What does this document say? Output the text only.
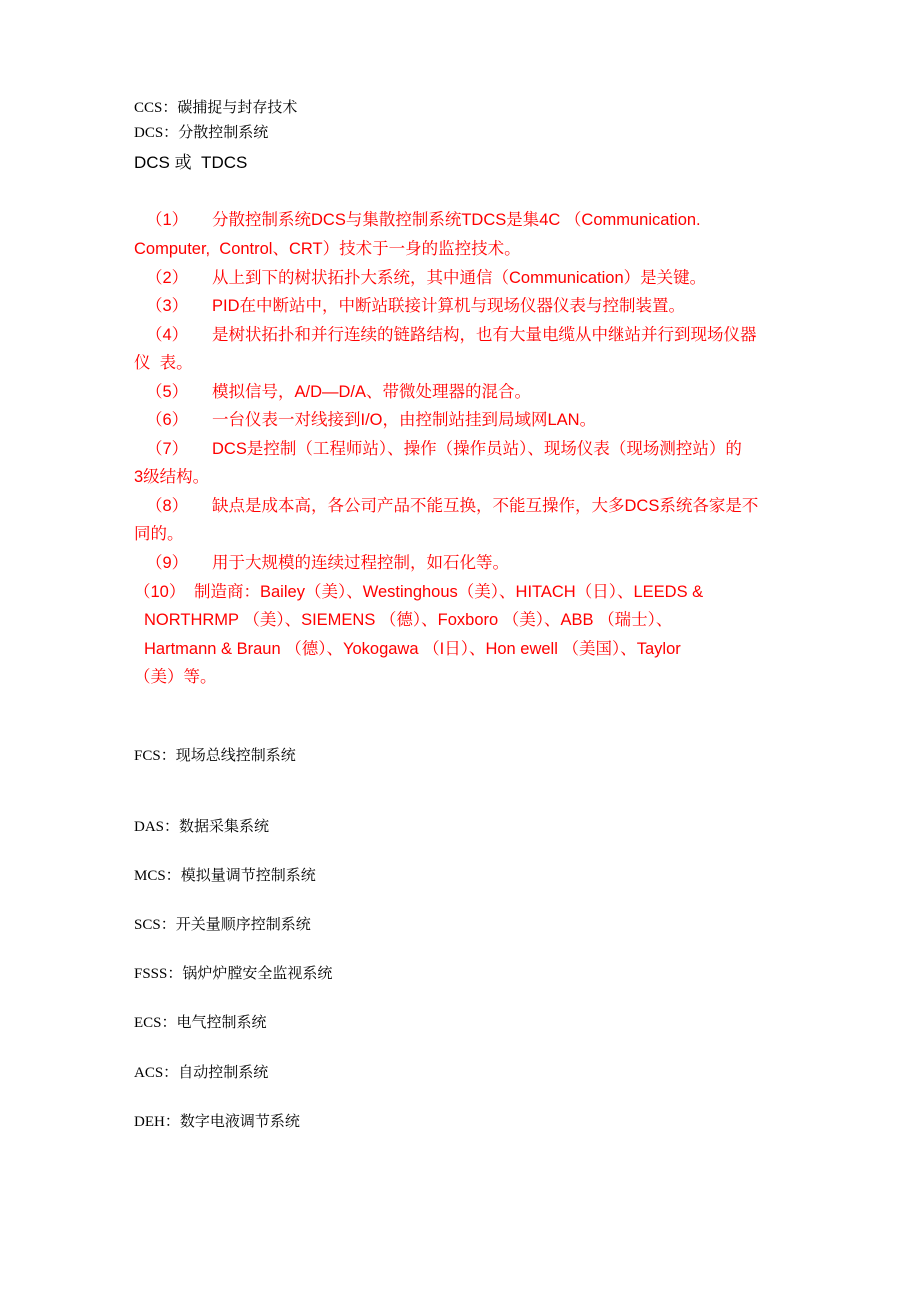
CCS：碳捕捉与封存技术
DCS：分散控制系统
DCS 或  TDCS
（1） 分散控制系统DCS与集散控制系统TDCS是集4C （Communication.
Computer,  Control、CRT）技术于一身的监控技术。
（2） 从上到下的树状拓扑大系统，其中通信（Communication）是关键。
（3） PID在中断站中，中断站联接计算机与现场仪器仪表与控制装置。
（4） 是树状拓扑和并行连续的链路结构，也有大量电缆从中继站并行到现场仪器
仪  表。
（5） 模拟信号，A/D—D/A、带微处理器的混合。
（6） 一台仪表一对线接到I/O，由控制站挂到局域网LAN。
（7） DCS是控制（工程师站）、操作（操作员站）、现场仪表（现场测控站）的
3级结构。
（8） 缺点是成本高，各公司产品不能互换，不能互操作，大多DCS系统各家是不
同的。
（9） 用于大规模的连续过程控制，如石化等。
（10） 制造商：Bailey（美）、Westinghous（美）、HITACH（日）、LEEDS &
NORTHRMP （美）、SIEMENS （德）、Foxboro （美）、ABB （瑞士）、
Hartmann & Braun （德）、Yokogawa （I日）、Hon ewell （美国）、Taylor
（美）等。
FCS：现场总线控制系统
DAS：数据采集系统
MCS：模拟量调节控制系统
SCS：开关量顺序控制系统
FSSS：锅炉炉膛安全监视系统
ECS：电气控制系统
ACS：自动控制系统
DEH：数字电液调节系统
